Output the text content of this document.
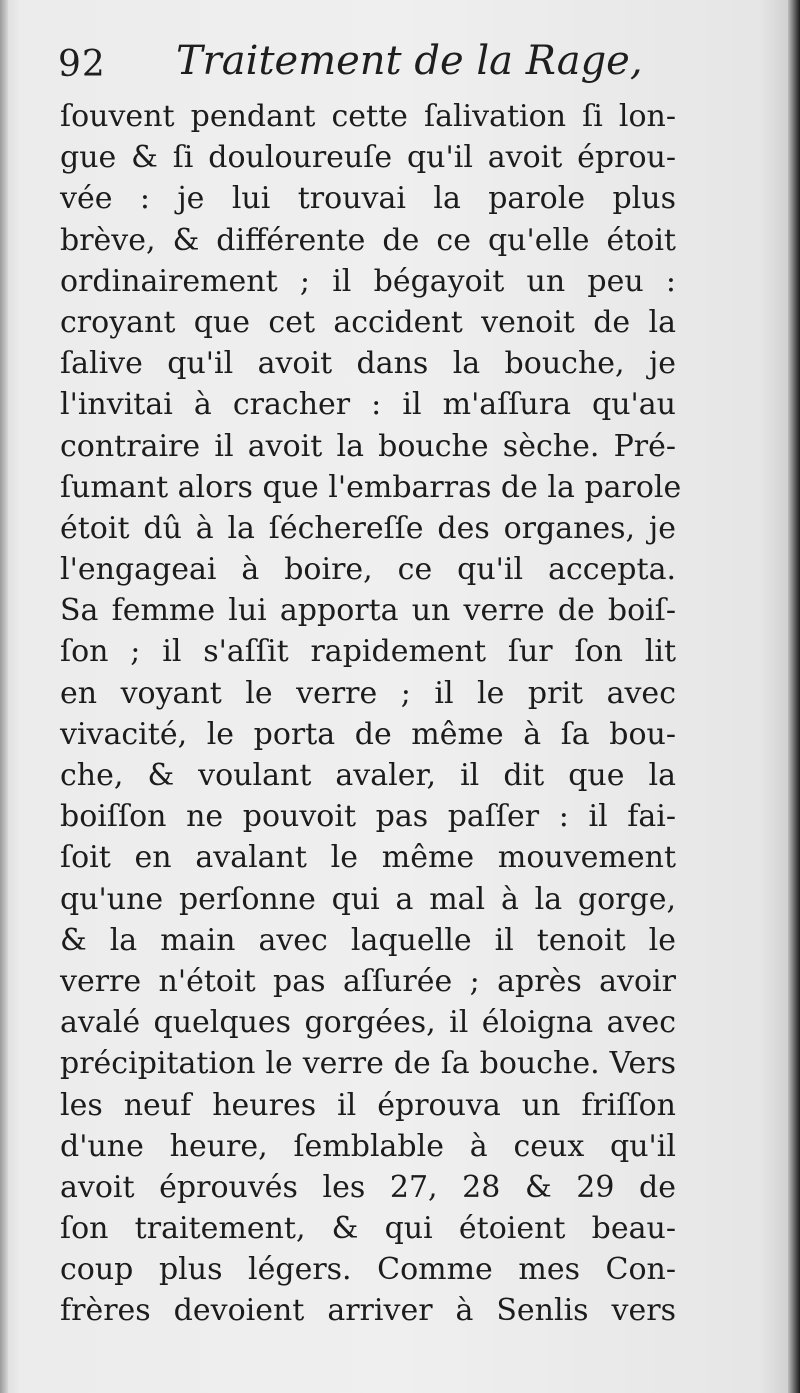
92 Traitement de la Rage,
ſouvent pendant cette ſalivation ſi lon-
gue & ſi douloureuſe qu'il avoit éprou-
vée : je lui trouvai la parole plus
brève, & différente de ce qu'elle étoit
ordinairement ; il bégayoit un peu :
croyant que cet accident venoit de la
ſalive qu'il avoit dans la bouche, je
l'invitai à cracher : il m'aſſura qu'au
contraire il avoit la bouche sèche. Pré-
ſumant alors que l'embarras de la parole
étoit dû à la ſéchereſſe des organes, je
l'engageai à boire, ce qu'il accepta.
Sa femme lui apporta un verre de boiſ-
ſon ; il s'aſſit rapidement ſur ſon lit
en voyant le verre ; il le prit avec
vivacité, le porta de même à ſa bou-
che, & voulant avaler, il dit que la
boiſſon ne pouvoit pas paſſer : il fai-
ſoit en avalant le même mouvement
qu'une perſonne qui a mal à la gorge,
& la main avec laquelle il tenoit le
verre n'étoit pas aſſurée ; après avoir
avalé quelques gorgées, il éloigna avec
précipitation le verre de ſa bouche. Vers
les neuf heures il éprouva un friſſon
d'une heure, ſemblable à ceux qu'il
avoit éprouvés les 27, 28 & 29 de
ſon traitement, & qui étoient beau-
coup plus légers. Comme mes Con-
frères devoient arriver à Senlis vers
